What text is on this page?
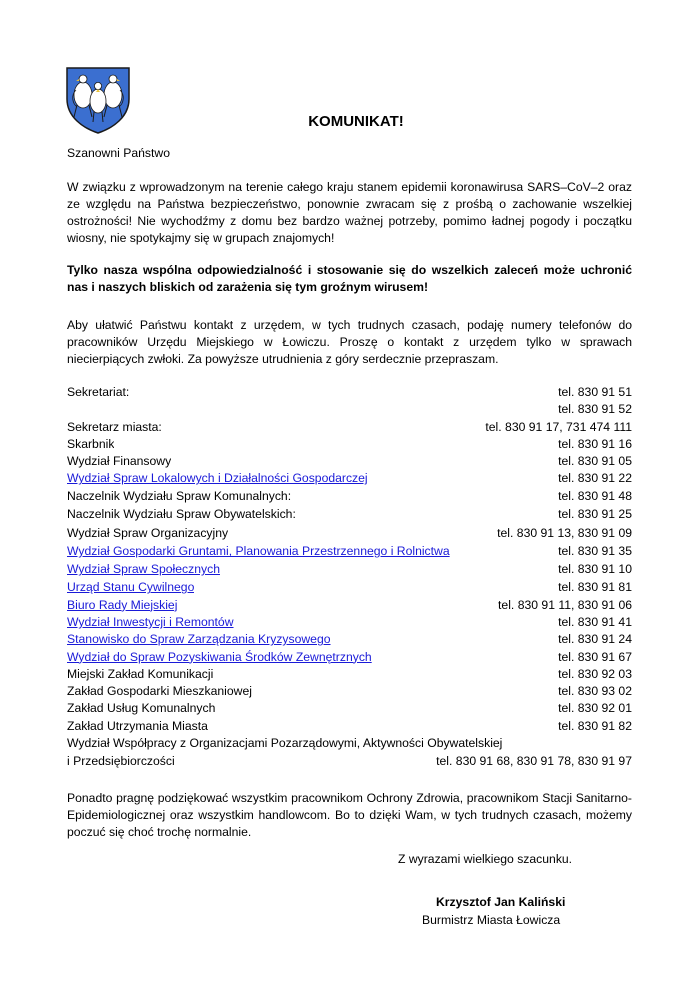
KOMUNIKAT!
Szanowni Państwo
W związku z wprowadzonym na terenie całego kraju stanem epidemii koronawirusa SARS–CoV–2 oraz ze względu na Państwa bezpieczeństwo, ponownie zwracam się z prośbą o zachowanie wszelkiej ostrożności! Nie wychodźmy z domu bez bardzo ważnej potrzeby, pomimo ładnej pogody i początku wiosny, nie spotykajmy się w grupach znajomych!
Tylko nasza wspólna odpowiedzialność i stosowanie się do wszelkich zaleceń może uchronić nas i naszych bliskich od zarażenia się tym groźnym wirusem!
Aby ułatwić Państwu kontakt z urzędem, w tych trudnych czasach, podaję numery telefonów do pracowników Urzędu Miejskiego w Łowiczu. Proszę o kontakt z urzędem tylko w sprawach niecierpiących zwłoki. Za powyższe utrudnienia z góry serdecznie przepraszam.
Sekretariat:	tel. 830 91 51
tel. 830 91 52
Sekretarz miasta:	tel. 830 91 17, 731 474 111
Skarbnik	tel. 830 91 16
Wydział Finansowy	tel. 830 91 05
Wydział Spraw Lokalowych i Działalności Gospodarczej	tel. 830 91 22
Naczelnik Wydziału Spraw Komunalnych:	tel. 830 91 48
Naczelnik Wydziału Spraw Obywatelskich:	tel. 830 91 25
Wydział Spraw Organizacyjny	tel. 830 91 13, 830 91 09
Wydział Gospodarki Gruntami, Planowania Przestrzennego i Rolnictwa	tel. 830 91 35
Wydział Spraw Społecznych	tel. 830 91 10
Urząd Stanu Cywilnego	tel. 830 91 81
Biuro Rady Miejskiej	tel. 830 91 11, 830 91 06
Wydział Inwestycji i Remontów	tel. 830 91 41
Stanowisko do Spraw Zarządzania Kryzysowego	tel. 830 91 24
Wydział do Spraw Pozyskiwania Środków Zewnętrznych	tel. 830 91 67
Miejski Zakład Komunikacji	tel. 830 92 03
Zakład Gospodarki Mieszkaniowej	tel. 830 93 02
Zakład Usług Komunalnych	tel. 830 92 01
Zakład Utrzymania Miasta	tel. 830 91 82
Wydział Współpracy z Organizacjami Pozarządowymi, Aktywności Obywatelskiej
i Przedsiębiorczości	tel. 830 91 68, 830 91 78, 830 91 97
Ponadto pragnę podziękować wszystkim pracownikom Ochrony Zdrowia, pracownikom Stacji Sanitarno-Epidemiologicznej oraz wszystkim handlowcom. Bo to dzięki Wam, w tych trudnych czasach, możemy poczuć się choć trochę normalnie.
Z wyrazami wielkiego szacunku.
Krzysztof Jan Kaliński
Burmistrz Miasta Łowicza
